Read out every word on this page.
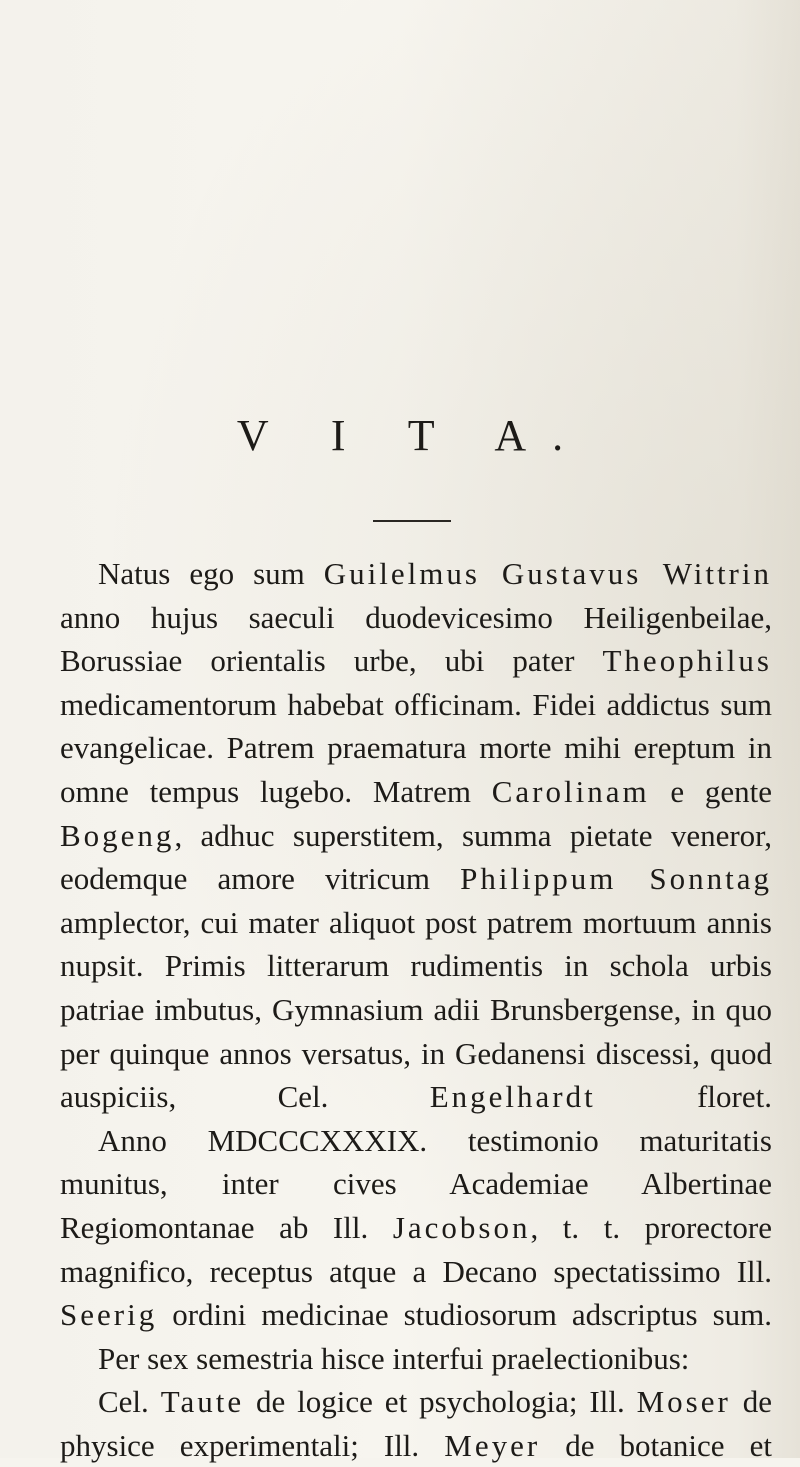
V I T A.

Natus ego sum Guilelmus Gustavus Wittrin anno hujus saeculi duodevicesimo Heiligenbeilae, Borussiae orientalis urbe, ubi pater Theophilus medicamentorum habebat officinam. Fidei addictus sum evangelicae. Patrem praematura morte mihi ereptum in omne tempus lugebo. Matrem Carolinam e gente Bogeng, adhuc superstitem, summa pietate veneror, eodemque amore vitricum Philippum Sonntag amplector, cui mater aliquot post patrem mortuum annis nupsit. Primis litterarum rudimentis in schola urbis patriae imbutus, Gymnasium adii Brunsbergense, in quo per quinque annos versatus, in Gedanensi discessi, quod auspiciis, Cel. Engelhardt floret.

Anno MDCCCXXXIX. testimonio maturitatis munitus, inter cives Academiae Albertinae Regiomontanae ab Ill. Jacobson, t. t. prorectore magnifico, receptus atque a Decano spectatissimo Ill. Seerig ordini medicinae studiosorum adscriptus sum.

Per sex semestria hisce interfui praelectionibus:

Cel. Taute de logice et psychologia; Ill. Moser de physice experimentali; Ill. Meyer de botanice et
